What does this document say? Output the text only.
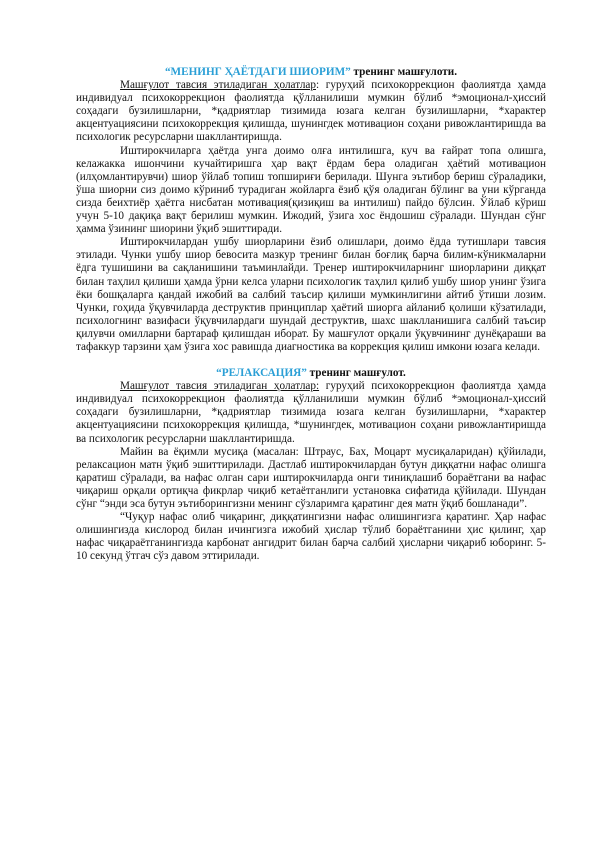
“МЕНИНГ ҲАЁТДАГИ ШИОРИМ” тренинг машғулоти.

Машғулот тавсия этиладиган ҳолатлар: гуруҳий психокоррекцион фаолиятда ҳамда индивидуал психокоррекцион фаолиятда қўлланилиши мумкин бўлиб *эмоционал-ҳиссий соҳадаги бузилишларни, *қадриятлар тизимида юзага келган бузилишларни, *характер акцентуациясини психокоррекция қилишда, шунингдек мотивацион соҳани ривожлантиришда ва психологик ресурсларни шакллантиришда.

Иштирокчиларга ҳаётда унга доимо олға интилишга, куч ва ғайрат топа олишга, келажакка ишончини кучайтиришга ҳар вақт ёрдам бера оладиган ҳаётий мотивацион (илҳомлантирувчи) шиор ўйлаб топиш топшириғи берилади. Шунга эътибор бериш сўраладики, ўша шиорни сиз доимо кўриниб турадиган жойларга ёзиб қўя оладиган бўлинг ва уни кўрганда сизда беихтиёр ҳаётга нисбатан мотивация(қизиқиш ва интилиш) пайдо бўлсин. Ўйлаб кўриш учун 5-10 дақиқа вақт берилиш мумкин. Ижодий, ўзига хос ёндошиш сўралади. Шундан сўнг ҳамма ўзининг шиорини ўқиб эшиттиради.

Иштирокчилардан ушбу шиорларини ёзиб олишлари, доимо ёдда тутишлари тавсия этилади. Чунки ушбу шиор бевосита мазкур тренинг билан боғлиқ барча билим-кўникмаларни ёдга тушишини ва сақланишини таъминлайди. Тренер иштирокчиларнинг шиорларини диққат билан таҳлил қилиши ҳамда ўрни келса уларни психологик таҳлил қилиб ушбу шиор унинг ўзига ёки бошқаларга қандай ижобий ва салбий таъсир қилиши мумкинлигини айтиб ўтиши лозим. Чунки, гоҳида ўқувчиларда деструктив принциплар ҳаётий шиорга айланиб қолиши кўзатилади, психологнинг вазифаси ўқувчилардаги шундай деструктив, шахс шаклланишига салбий таъсир қилувчи омилларни бартараф қилишдан иборат. Бу машғулот орқали ўқувчининг дунёқараши ва тафаккур тарзини ҳам ўзига хос равишда диагностика ва коррекция қилиш имкони юзага келади.

“РЕЛАКСАЦИЯ” тренинг машғулот.

Машғулот тавсия этиладиган ҳолатлар: гуруҳий психокоррекцион фаолиятда ҳамда индивидуал психокоррекцион фаолиятда қўлланилиши мумкин бўлиб *эмоционал-ҳиссий соҳадаги бузилишларни, *қадриятлар тизимида юзага келган бузилишларни, *характер акцентуациясини психокоррекция қилишда, *шунингдек, мотивацион соҳани ривожлантиришда ва психологик ресурсларни шакллантиришда.

Майин ва ёқимли мусиқа (масалан: Штраус, Бах, Моцарт мусиқаларидан) қўйилади, релаксацион матн ўқиб эшиттирилади. Дастлаб иштирокчилардан бутун диққатни нафас олишга қаратиш сўралади, ва нафас олган сари иштирокчиларда онги тиниқлашиб бораётгани ва нафас чиқариш орқали ортиқча фикрлар чиқиб кетаётганлиги установка сифатида қўйилади. Шундан сўнг “энди эса бутун эътиборингизни менинг сўзларимга қаратинг дея матн ўқиб бошланади”.

“Чуқур нафас олиб чиқаринг, диққатингизни нафас олишингизга қаратинг. Ҳар нафас олишингизда кислород билан ичингизга ижобий ҳислар тўлиб бораётганини ҳис қилинг, ҳар нафас чиқараётганингизда карбонат ангидрит билан барча салбий ҳисларни чиқариб юборинг. 5-10 секунд ўтгач сўз давом эттирилади.
